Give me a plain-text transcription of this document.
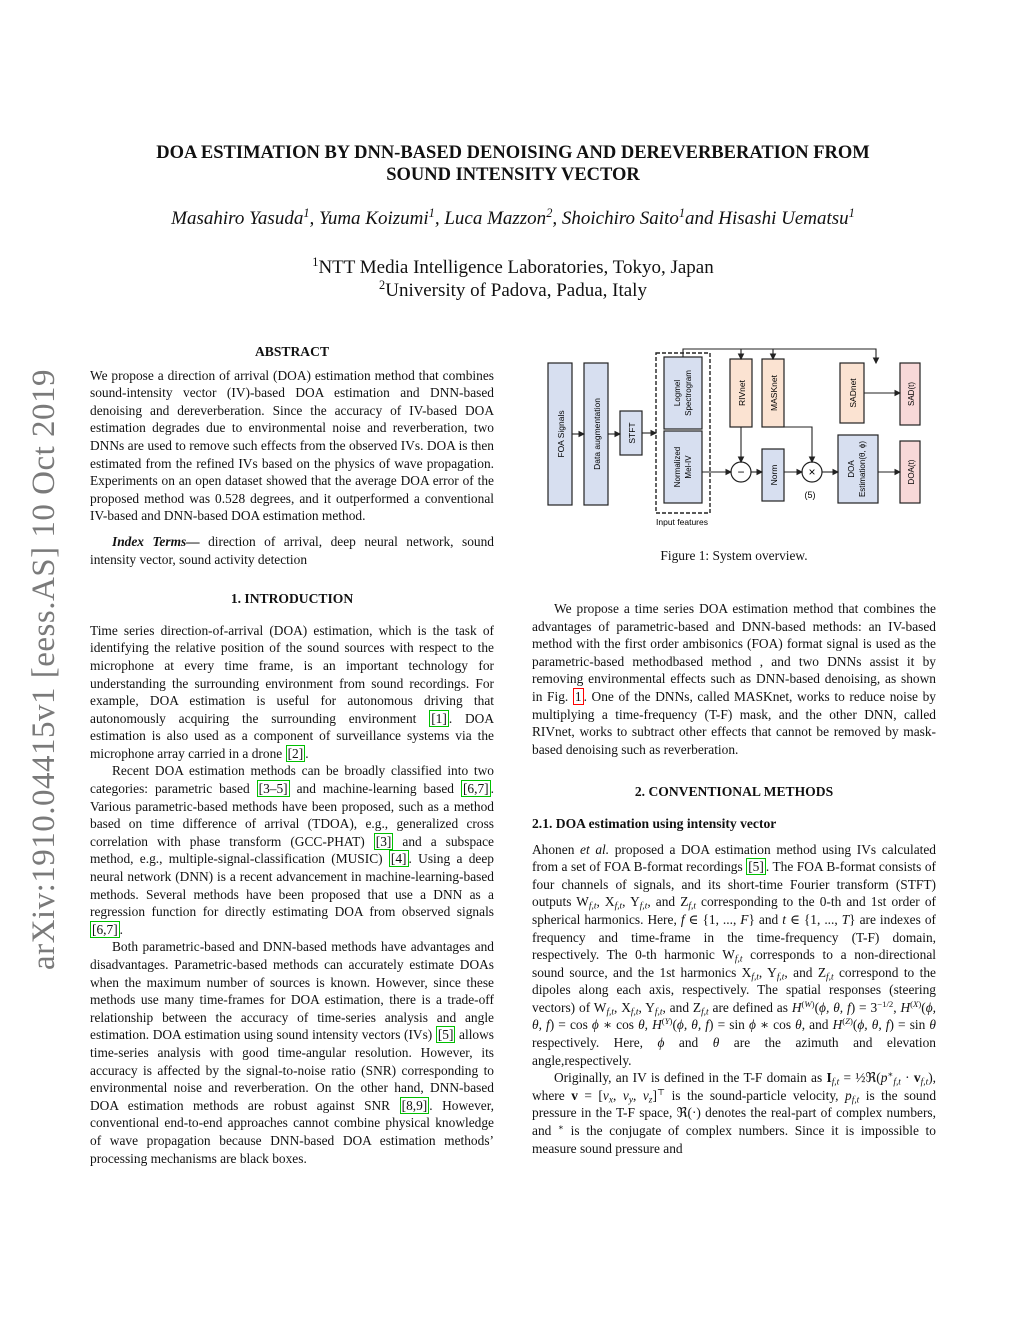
arXiv:1910.04415v1 [eess.AS] 10 Oct 2019
DOA ESTIMATION BY DNN-BASED DENOISING AND DEREVERBERATION FROM
SOUND INTENSITY VECTOR
Masahiro Yasuda$^1$, Yuma Koizumi$^1$, Luca Mazzon$^2$, Shoichiro Saito$^1$and Hisashi Uematsu$^1$
$^1$NTT Media Intelligence Laboratories, Tokyo, Japan
$^2$University of Padova, Padua, Italy
ABSTRACT

We propose a direction of arrival (DOA) estimation method that combines sound-intensity vector (IV)-based DOA estimation and DNN-based denoising and dereverberation. Since the accuracy of IV-based DOA estimation degrades due to environmental noise and reverberation, two DNNs are used to remove such effects from the observed IVs. DOA is then estimated from the refined IVs based on the physics of wave propagation. Experiments on an open dataset showed that the average DOA error of the proposed method was 0.528 degrees, and it outperformed a conventional IV-based and DNN-based DOA estimation method.

Index Terms— direction of arrival, deep neural network, sound intensity vector, sound activity detection

1. INTRODUCTION

Time series direction-of-arrival (DOA) estimation, which is the task of identifying the relative position of the sound sources with respect to the microphone at every time frame, is an important technology for understanding the surrounding environment from sound recordings. For example, DOA estimation is useful for autonomous driving that autonomously acquiring the surrounding environment [1] . DOA estimation is also used as a component of surveillance systems via the microphone array carried in a drone [2] .

Recent DOA estimation methods can be broadly classified into two categories: parametric based [3–5] and machine-learning based [6,7] . Various parametric-based methods have been proposed, such as a method based on time difference of arrival (TDOA), e.g., generalized cross correlation with phase transform (GCC-PHAT) [3] and a subspace method, e.g., multiple-signal-classification (MUSIC) [4] . Using a deep neural network (DNN) is a recent advancement in machine-learning-based methods. Several methods have been proposed that use a DNN as a regression function for directly estimating DOA from observed signals [6,7] .

Both parametric-based and DNN-based methods have advantages and disadvantages. Parametric-based methods can accurately estimate DOAs when the maximum number of sources is known. However, since these methods use many time-frames for DOA estimation, there is a trade-off relationship between the accuracy of time-series analysis and angle estimation. DOA estimation using sound intensity vectors (IVs) [5] allows time-series analysis with good time-angular resolution. However, its accuracy is affected by the signal-to-noise ratio (SNR) corresponding to environmental noise and reverberation. On the other hand, DNN-based DOA estimation methods are robust against SNR [8,9] . However, conventional end-to-end approaches cannot combine physical knowledge of wave propagation because DNN-based DOA estimation methods’ processing mechanisms are black boxes.

FOA Signals	Data augmentation	STFT
Logmel Spectrogram
Normalized Mel-IV
Input features
RIVnet	MASKnet
−	Norm ×
(5)
DOA Estimation(θ, ϕ)
SADnet	SAD(t)
DOA(t)
Figure 1: System overview.

We propose a time series DOA estimation method that combines the advantages of parametric-based and DNN-based methods: an IV-based method with the first order ambisonics (FOA) format signal is used as the parametric-based methodbased method , and two DNNs assist it by removing environmental effects such as DNN-based denoising, as shown in Fig. 1 . One of the DNNs, called MASKnet, works to reduce noise by multiplying a time-frequency (T-F) mask, and the other DNN, called RIVnet, works to subtract other effects that cannot be removed by mask-based denoising such as reverberation.

2. CONVENTIONAL METHODS
2.1. DOA estimation using intensity vector

Ahonen et al. proposed a DOA estimation method using IVs calculated from a set of FOA B-format recordings [5] . The FOA B-format consists of four channels of signals, and its short-time Fourier transform (STFT) outputs $W_{f,t}$, $X_{f,t}$, $Y_{f,t}$, and $Z_{f,t}$ corresponding to the 0-th and 1st order of spherical harmonics. Here, f ∈ {1, ..., F} and t ∈ {1, ..., T} are indexes of frequency and time-frame in the time-frequency (T-F) domain, respectively. The 0-th harmonic $W_{f,t}$ corresponds to a non-directional sound source, and the 1st harmonics $X_{f,t}$, $Y_{f,t}$, and $Z_{f,t}$ correspond to the dipoles along each axis, respectively. The spatial responses (steering vectors) of $W_{f,t}$, $X_{f,t}$, $Y_{f,t}$, and $Z_{f,t}$ are defined as $H^{(W)}(\phi$, θ, $f) = 3^{-1/2}$, $H^{(X)}(\phi$, θ, f) = cos ϕ ∗ cos θ, $H^{(Y)}(\phi$, θ, f) = sin ϕ ∗ cos θ, and $H^{(Z)}(\phi$, θ, f) = sin θ respectively. Here, ϕ and θ are the azimuth and elevation angle,respectively.

Originally, an IV is defined in the T-F domain as $I_{f,t}$ = $\frac{1}{2}ℜ(p^∗_{f,t} \cdot v_{f,t})$, where $v = [v_x$, $v_y$, $v_z]^⊤$ is the sound-particle velocity, $p_{f,t}$ is the sound pressure in the T-F space, ℜ(·) denotes the real-part of complex numbers, and ∗ is the conjugate of complex numbers. Since it is impossible to measure sound pressure and
